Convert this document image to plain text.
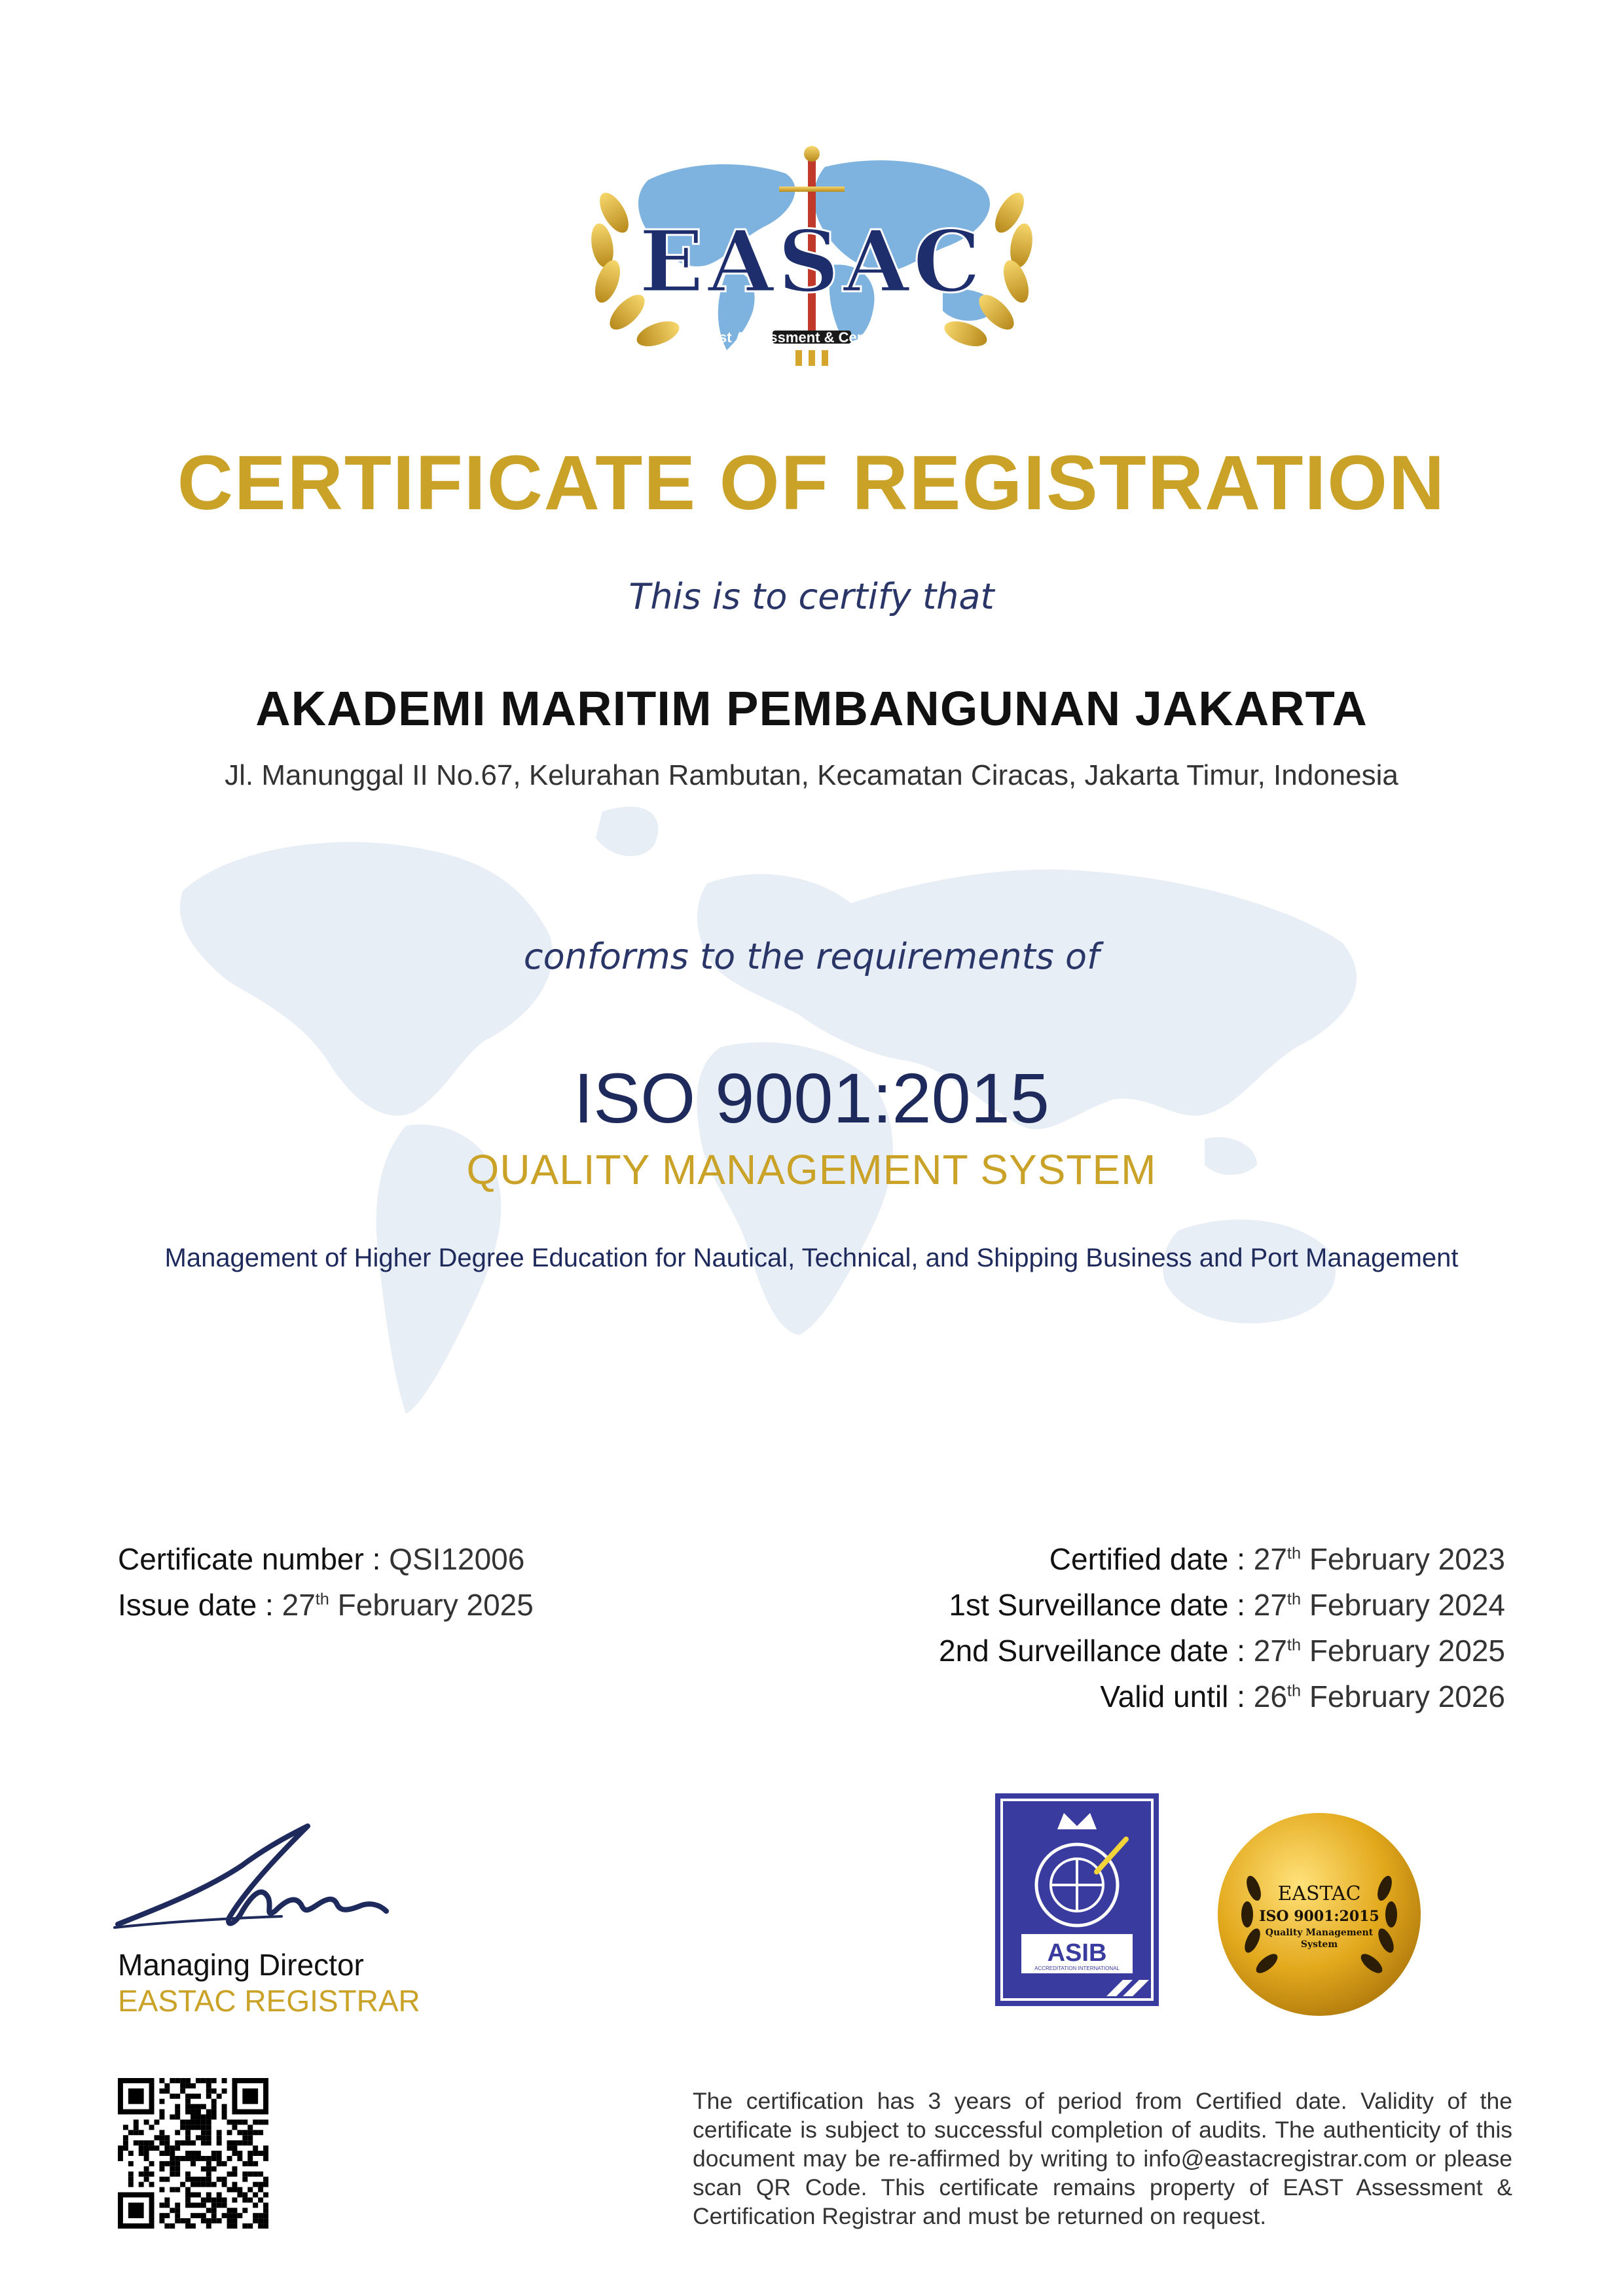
EASAC
East Assessment & Certification
CERTIFICATE OF REGISTRATION
This is to certify that
AKADEMI MARITIM PEMBANGUNAN JAKARTA
Jl. Manunggal II No.67, Kelurahan Rambutan, Kecamatan Ciracas, Jakarta Timur, Indonesia
conforms to the requirements of
ISO 9001:2015
QUALITY MANAGEMENT SYSTEM
Management of Higher Degree Education for Nautical, Technical, and Shipping Business and Port Management
Certificate number : QSI12006
Issue date : 27th February 2025
Certified date : 27th February 2023
1st Surveillance date : 27th February 2024
2nd Surveillance date : 27th February 2025
Valid until : 26th February 2026
Managing Director
EASTAC REGISTRAR
ASIB
ACCREDITATION INTERNATIONAL
EASTAC
ISO 9001:2015
Quality Management
System
The certification has 3 years of period from Certified date. Validity of the certificate is subject to successful completion of audits. The authenticity of this document may be re-affirmed by writing to info@eastacregistrar.com or please scan QR Code. This certificate remains property of EAST Assessment & Certification Registrar and must be returned on request.
